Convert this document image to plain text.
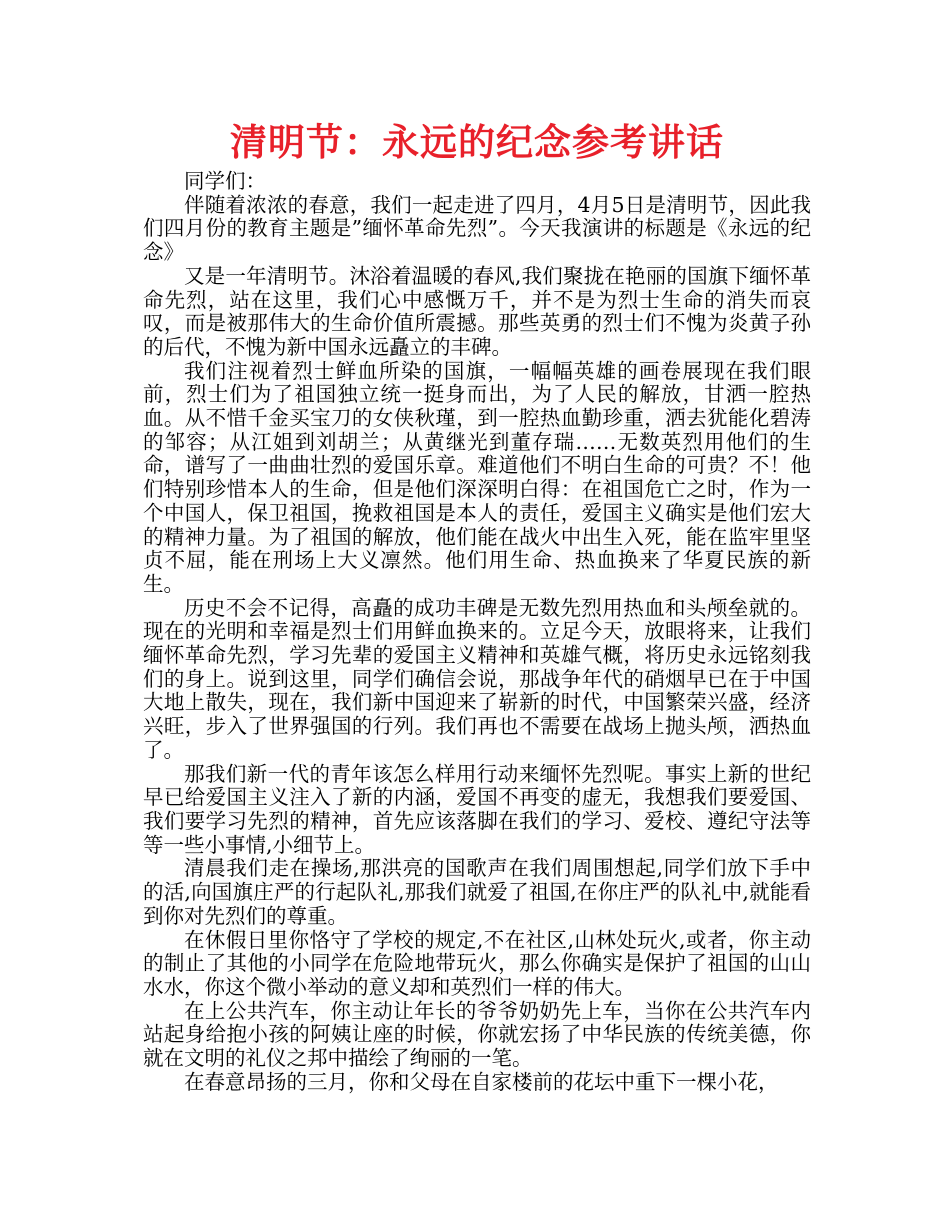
清明节：永远的纪念参考讲话

同学们：

伴随着浓浓的春意，我们一起走进了四月，4月5日是清明节，因此我们四月份的教育主题是”缅怀革命先烈”。今天我演讲的标题是《永远的纪念》

又是一年清明节。沐浴着温暖的春风,我们聚拢在艳丽的国旗下缅怀革命先烈，站在这里，我们心中感慨万千，并不是为烈士生命的消失而哀叹，而是被那伟大的生命价值所震撼。那些英勇的烈士们不愧为炎黄子孙的后代，不愧为新中国永远矗立的丰碑。

我们注视着烈士鲜血所染的国旗，一幅幅英雄的画卷展现在我们眼前，烈士们为了祖国独立统一挺身而出，为了人民的解放，甘洒一腔热血。从不惜千金买宝刀的女侠秋瑾，到一腔热血勤珍重，洒去犹能化碧涛的邹容；从江姐到刘胡兰；从黄继光到董存瑞……无数英烈用他们的生命，谱写了一曲曲壮烈的爱国乐章。难道他们不明白生命的可贵？不！他们特别珍惜本人的生命，但是他们深深明白得：在祖国危亡之时，作为一个中国人，保卫祖国，挽救祖国是本人的责任，爱国主义确实是他们宏大的精神力量。为了祖国的解放，他们能在战火中出生入死，能在监牢里坚贞不屈，能在刑场上大义凛然。他们用生命、热血换来了华夏民族的新生。

历史不会不记得，高矗的成功丰碑是无数先烈用热血和头颅垒就的。现在的光明和幸福是烈士们用鲜血换来的。立足今天，放眼将来，让我们缅怀革命先烈，学习先辈的爱国主义精神和英雄气概，将历史永远铭刻我们的身上。说到这里，同学们确信会说，那战争年代的硝烟早已在于中国大地上散失，现在，我们新中国迎来了崭新的时代，中国繁荣兴盛，经济兴旺，步入了世界强国的行列。我们再也不需要在战场上抛头颅，洒热血了。

那我们新一代的青年该怎么样用行动来缅怀先烈呢。事实上新的世纪早已给爱国主义注入了新的内涵，爱国不再变的虚无，我想我们要爱国、我们要学习先烈的精神，首先应该落脚在我们的学习、爱校、遵纪守法等等一些小事情,小细节上。

清晨我们走在操场,那洪亮的国歌声在我们周围想起,同学们放下手中的活,向国旗庄严的行起队礼,那我们就爱了祖国,在你庄严的队礼中,就能看到你对先烈们的尊重。

在休假日里你恪守了学校的规定,不在社区,山林处玩火,或者，你主动的制止了其他的小同学在危险地带玩火，那么你确实是保护了祖国的山山水水，你这个微小举动的意义却和英烈们一样的伟大。

在上公共汽车，你主动让年长的爷爷奶奶先上车，当你在公共汽车内站起身给抱小孩的阿姨让座的时候，你就宏扬了中华民族的传统美德，你就在文明的礼仪之邦中描绘了绚丽的一笔。

在春意昂扬的三月，你和父母在自家楼前的花坛中重下一棵小花，
